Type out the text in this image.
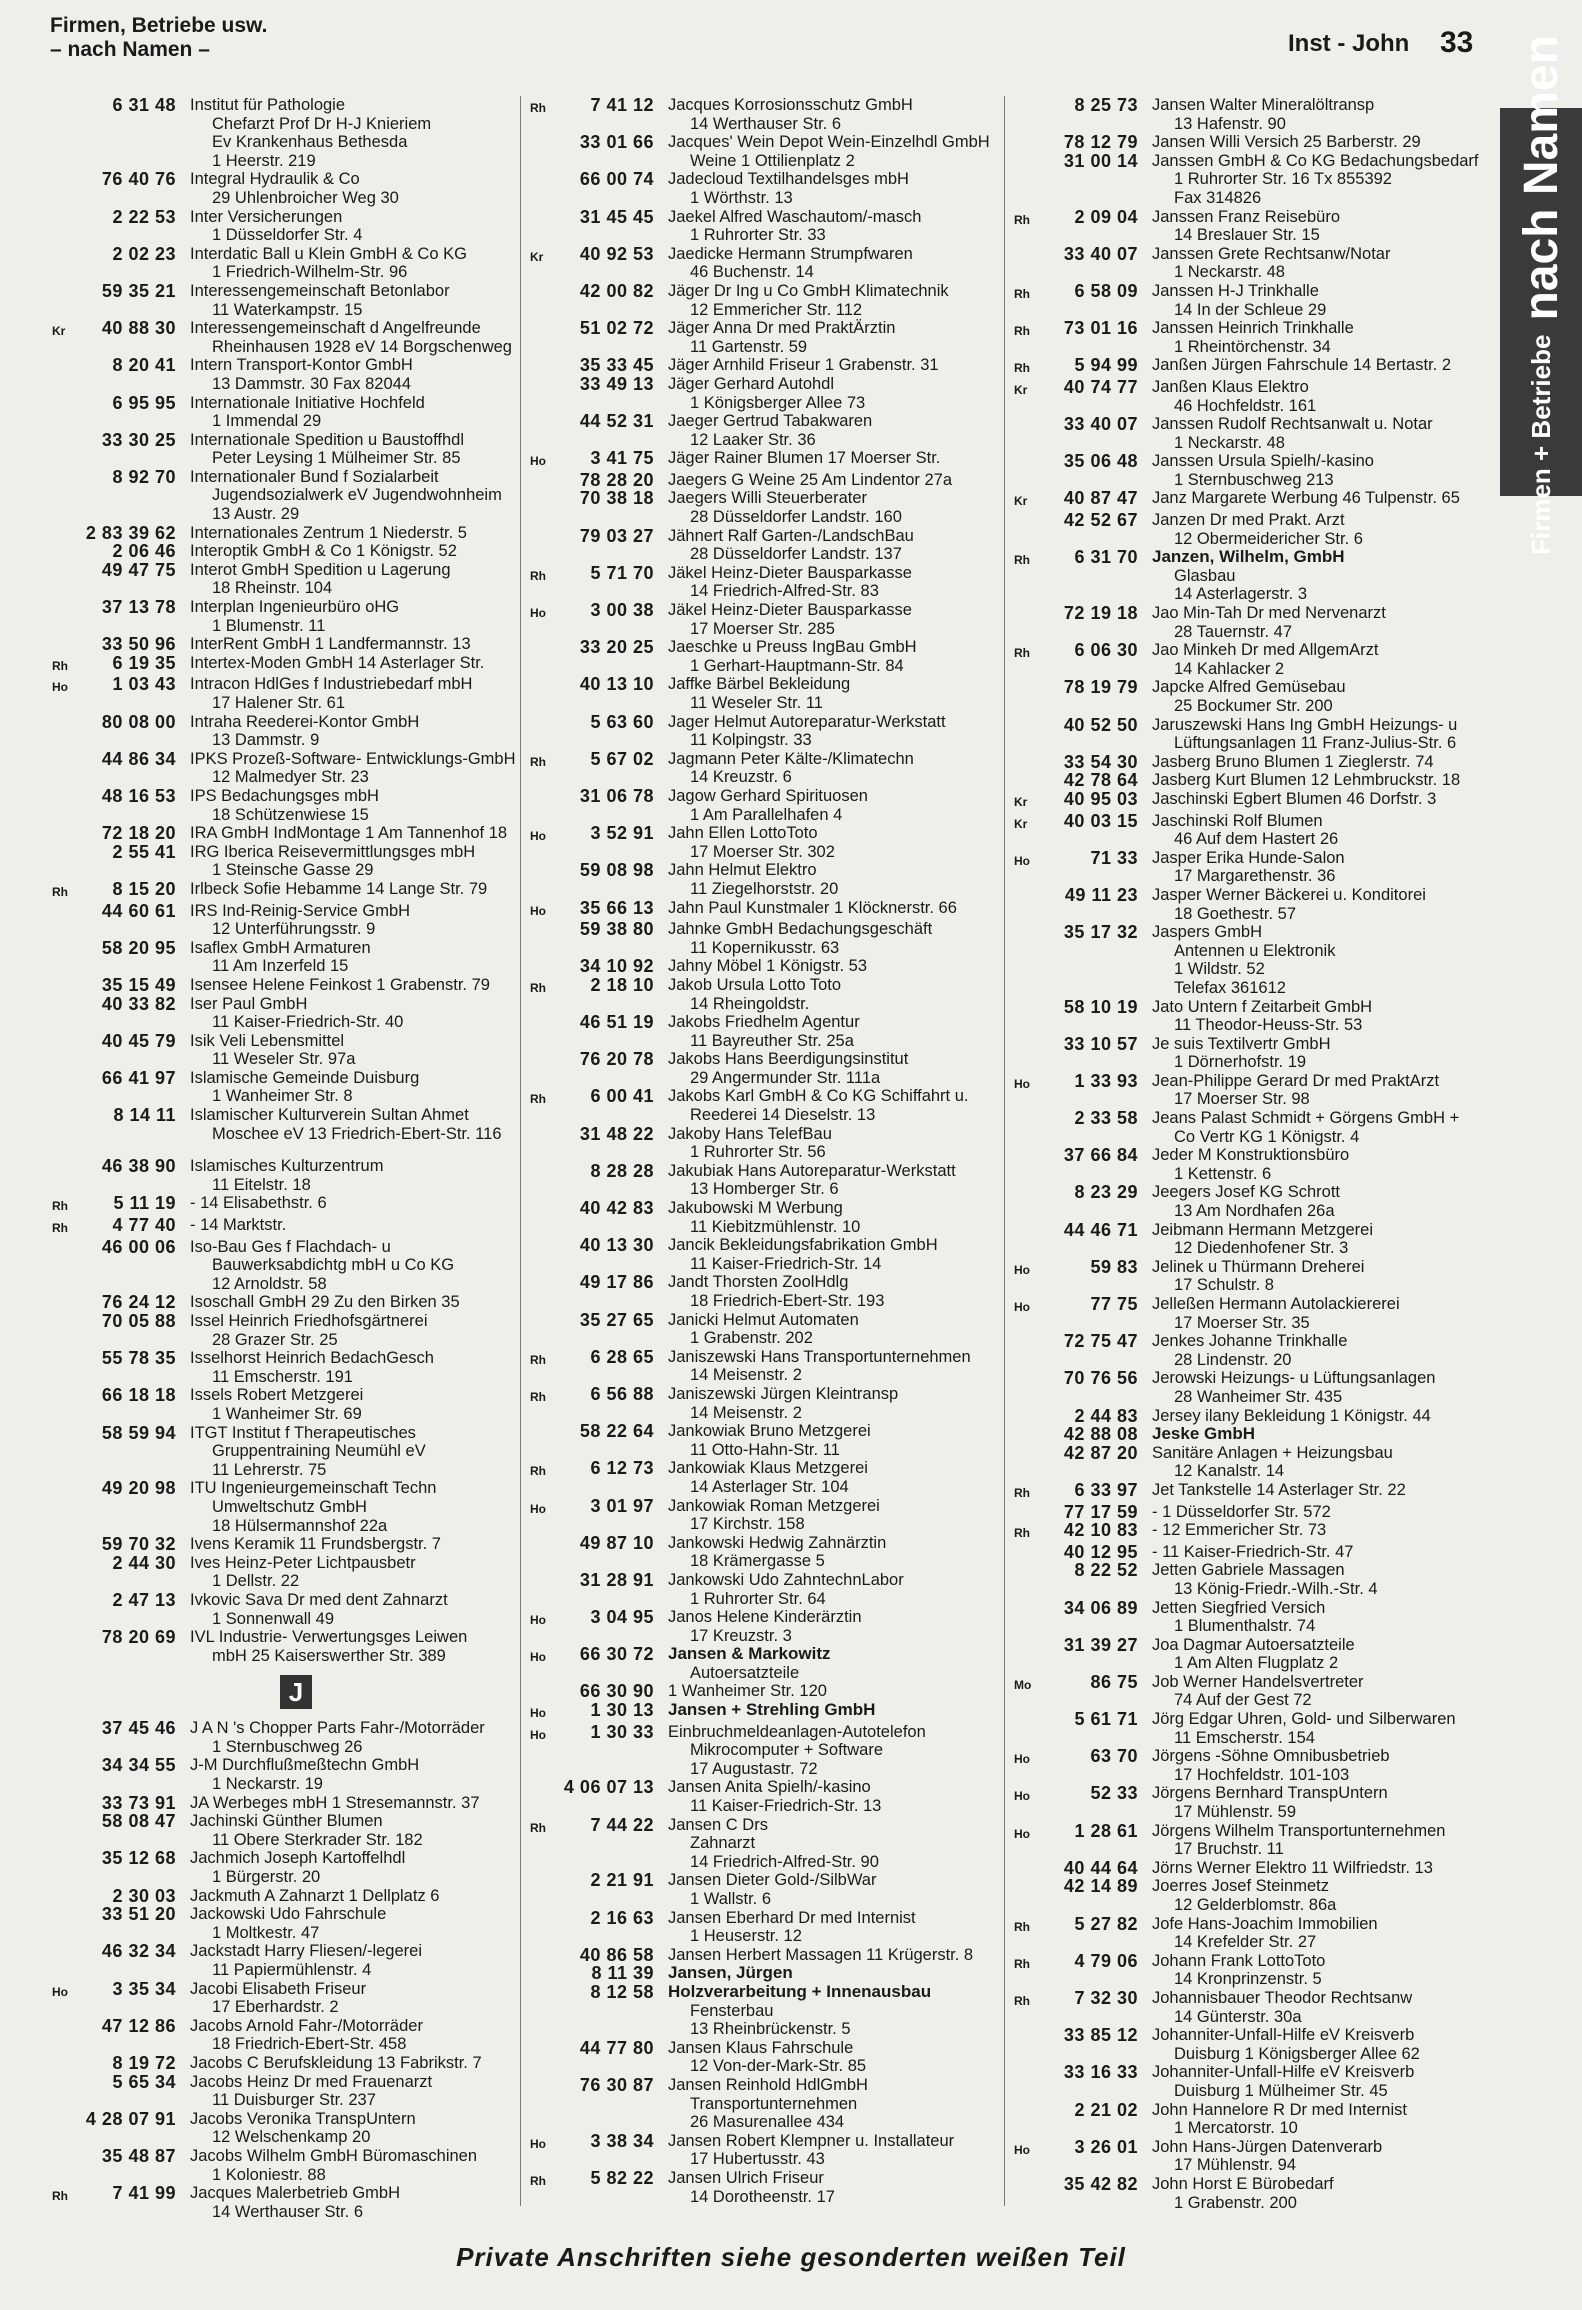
Firmen, Betriebe usw.
– nach Namen –	Inst - John 33
Firmen + Betriebe
nach Namen
6 31 48 Institut für Pathologie
Chefarzt Prof Dr H-J Knieriem
Ev Krankenhaus Bethesda
1 Heerstr. 219
76 40 76 Integral Hydraulik & Co
29 Uhlenbroicher Weg 30
2 22 53 Inter Versicherungen
1 Düsseldorfer Str. 4
2 02 23 Interdatic Ball u Klein GmbH & Co KG
1 Friedrich-Wilhelm-Str. 96
59 35 21 Interessengemeinschaft Betonlabor
11 Waterkampstr. 15
Kr	40 88 30 Interessengemeinschaft d Angelfreunde
Rheinhausen 1928 eV 14 Borgschenweg
8 20 41 Intern Transport-Kontor GmbH
13 Dammstr. 30 Fax 82044
6 95 95 Internationale Initiative Hochfeld
1 Immendal 29
33 30 25 Internationale Spedition u Baustoffhdl
Peter Leysing 1 Mülheimer Str. 85
8 92 70 Internationaler Bund f Sozialarbeit
Jugendsozialwerk eV Jugendwohnheim
13 Austr. 29
2 83 39 62 Internationales Zentrum 1 Niederstr. 5
2 06 46 Interoptik GmbH & Co 1 Königstr. 52
49 47 75 Interot GmbH Spedition u Lagerung
18 Rheinstr. 104
37 13 78 Interplan Ingenieurbüro oHG
1 Blumenstr. 11
33 50 96 InterRent GmbH 1 Landfermannstr. 13
Rh	6 19 35 Intertex-Moden GmbH 14 Asterlager Str.
Ho	1 03 43 Intracon HdlGes f Industriebedarf mbH
17 Halener Str. 61
80 08 00 Intraha Reederei-Kontor GmbH
13 Dammstr. 9
44 86 34 IPKS Prozeß-Software- Entwicklungs-GmbH
12 Malmedyer Str. 23
48 16 53 IPS Bedachungsges mbH
18 Schützenwiese 15
72 18 20 IRA GmbH IndMontage 1 Am Tannenhof 18
2 55 41 IRG Iberica Reisevermittlungsges mbH
1 Steinsche Gasse 29
Rh	8 15 20 Irlbeck Sofie Hebamme 14 Lange Str. 79
44 60 61 IRS Ind-Reinig-Service GmbH
12 Unterführungsstr. 9
58 20 95 Isaflex GmbH Armaturen
11 Am Inzerfeld 15
35 15 49 Isensee Helene Feinkost 1 Grabenstr. 79
40 33 82 Iser Paul GmbH
11 Kaiser-Friedrich-Str. 40
40 45 79 Isik Veli Lebensmittel
11 Weseler Str. 97a
66 41 97 Islamische Gemeinde Duisburg
1 Wanheimer Str. 8
8 14 11 Islamischer Kulturverein Sultan Ahmet
Moschee eV 13 Friedrich-Ebert-Str. 116
46 38 90 Islamisches Kulturzentrum
11 Eitelstr. 18
Rh	5 11 19 - 14 Elisabethstr. 6
Rh	4 77 40 - 14 Marktstr.
46 00 06 Iso-Bau Ges f Flachdach- u
Bauwerksabdichtg mbH u Co KG
12 Arnoldstr. 58
76 24 12 Isoschall GmbH 29 Zu den Birken 35
70 05 88 Issel Heinrich Friedhofsgärtnerei
28 Grazer Str. 25
55 78 35 Isselhorst Heinrich BedachGesch
11 Emscherstr. 191
66 18 18 Issels Robert Metzgerei
1 Wanheimer Str. 69
58 59 94 ITGT Institut f Therapeutisches
Gruppentraining Neumühl eV
11 Lehrerstr. 75
49 20 98 ITU Ingenieurgemeinschaft Techn
Umweltschutz GmbH
18 Hülsermannshof 22a
59 70 32 Ivens Keramik 11 Frundsbergstr. 7
2 44 30 Ives Heinz-Peter Lichtpausbetr
1 Dellstr. 22
2 47 13 Ivkovic Sava Dr med dent Zahnarzt
1 Sonnenwall 49
78 20 69 IVL Industrie- Verwertungsges Leiwen
mbH 25 Kaiserswerther Str. 389
J
37 45 46 J A N 's Chopper Parts Fahr-/Motorräder
1 Sternbuschweg 26
34 34 55 J-M Durchflußmeßtechn GmbH
1 Neckarstr. 19
33 73 91 JA Werbeges mbH 1 Stresemannstr. 37
58 08 47 Jachinski Günther Blumen
11 Obere Sterkrader Str. 182
35 12 68 Jachmich Joseph Kartoffelhdl
1 Bürgerstr. 20
2 30 03 Jackmuth A Zahnarzt 1 Dellplatz 6
33 51 20 Jackowski Udo Fahrschule
1 Moltkestr. 47
46 32 34 Jackstadt Harry Fliesen/-legerei
11 Papiermühlenstr. 4
Ho	3 35 34 Jacobi Elisabeth Friseur
17 Eberhardstr. 2
47 12 86 Jacobs Arnold Fahr-/Motorräder
18 Friedrich-Ebert-Str. 458
8 19 72 Jacobs C Berufskleidung 13 Fabrikstr. 7
5 65 34 Jacobs Heinz Dr med Frauenarzt
11 Duisburger Str. 237
4 28 07 91 Jacobs Veronika TranspUntern
12 Welschenkamp 20
35 48 87 Jacobs Wilhelm GmbH Büromaschinen
1 Koloniestr. 88
Rh	7 41 99 Jacques Malerbetrieb GmbH
14 Werthauser Str. 6
Rh	7 41 12 Jacques Korrosionsschutz GmbH
14 Werthauser Str. 6
33 01 66 Jacques' Wein Depot Wein-Einzelhdl GmbH
Weine 1 Ottilienplatz 2
66 00 74 Jadecloud Textilhandelsges mbH
1 Wörthstr. 13
31 45 45 Jaekel Alfred Waschautom/-masch
1 Ruhrorter Str. 33
Kr	40 92 53 Jaedicke Hermann Strumpfwaren
46 Buchenstr. 14
42 00 82 Jäger Dr Ing u Co GmbH Klimatechnik
12 Emmericher Str. 112
51 02 72 Jäger Anna Dr med PraktÄrztin
11 Gartenstr. 59
35 33 45 Jäger Arnhild Friseur 1 Grabenstr. 31
33 49 13 Jäger Gerhard Autohdl
1 Königsberger Allee 73
44 52 31 Jaeger Gertrud Tabakwaren
12 Laaker Str. 36
Ho	3 41 75 Jäger Rainer Blumen 17 Moerser Str.
78 28 20 Jaegers G Weine 25 Am Lindentor 27a
70 38 18 Jaegers Willi Steuerberater
28 Düsseldorfer Landstr. 160
79 03 27 Jähnert Ralf Garten-/LandschBau
28 Düsseldorfer Landstr. 137
Rh	5 71 70 Jäkel Heinz-Dieter Bausparkasse
14 Friedrich-Alfred-Str. 83
Ho	3 00 38 Jäkel Heinz-Dieter Bausparkasse
17 Moerser Str. 285
33 20 25 Jaeschke u Preuss IngBau GmbH
1 Gerhart-Hauptmann-Str. 84
40 13 10 Jaffke Bärbel Bekleidung
11 Weseler Str. 11
5 63 60 Jager Helmut Autoreparatur-Werkstatt
11 Kolpingstr. 33
Rh	5 67 02 Jagmann Peter Kälte-/Klimatechn
14 Kreuzstr. 6
31 06 78 Jagow Gerhard Spirituosen
1 Am Parallelhafen 4
Ho	3 52 91 Jahn Ellen LottoToto
17 Moerser Str. 302
59 08 98 Jahn Helmut Elektro
11 Ziegelhorststr. 20
Ho	35 66 13 Jahn Paul Kunstmaler 1 Klöcknerstr. 66
59 38 80 Jahnke GmbH Bedachungsgeschäft
11 Kopernikusstr. 63
34 10 92 Jahny Möbel 1 Königstr. 53
Rh	2 18 10 Jakob Ursula Lotto Toto
14 Rheingoldstr.
46 51 19 Jakobs Friedhelm Agentur
11 Bayreuther Str. 25a
76 20 78 Jakobs Hans Beerdigungsinstitut
29 Angermunder Str. 111a
Rh	6 00 41 Jakobs Karl GmbH & Co KG Schiffahrt u.
Reederei 14 Dieselstr. 13
31 48 22 Jakoby Hans TelefBau
1 Ruhrorter Str. 56
8 28 28 Jakubiak Hans Autoreparatur-Werkstatt
13 Homberger Str. 6
40 42 83 Jakubowski M Werbung
11 Kiebitzmühlenstr. 10
40 13 30 Jancik Bekleidungsfabrikation GmbH
11 Kaiser-Friedrich-Str. 14
49 17 86 Jandt Thorsten ZoolHdlg
18 Friedrich-Ebert-Str. 193
35 27 65 Janicki Helmut Automaten
1 Grabenstr. 202
Rh	6 28 65 Janiszewski Hans Transportunternehmen
14 Meisenstr. 2
Rh	6 56 88 Janiszewski Jürgen Kleintransp
14 Meisenstr. 2
58 22 64 Jankowiak Bruno Metzgerei
11 Otto-Hahn-Str. 11
Rh	6 12 73 Jankowiak Klaus Metzgerei
14 Asterlager Str. 104
Ho	3 01 97 Jankowiak Roman Metzgerei
17 Kirchstr. 158
49 87 10 Jankowski Hedwig Zahnärztin
18 Krämergasse 5
31 28 91 Jankowski Udo ZahntechnLabor
1 Ruhrorter Str. 64
Ho	3 04 95 Janos Helene Kinderärztin
17 Kreuzstr. 3
Ho	66 30 72 Jansen & Markowitz
Autoersatzteile
66 30 90 1 Wanheimer Str. 120
Ho	1 30 13 Jansen + Strehling GmbH
Ho	1 30 33 Einbruchmeldeanlagen-Autotelefon
Mikrocomputer + Software
17 Augustastr. 72
4 06 07 13 Jansen Anita Spielh/-kasino
11 Kaiser-Friedrich-Str. 13
Rh	7 44 22 Jansen C Drs
Zahnarzt
14 Friedrich-Alfred-Str. 90
2 21 91 Jansen Dieter Gold-/SilbWar
1 Wallstr. 6
2 16 63 Jansen Eberhard Dr med Internist
1 Heuserstr. 12
40 86 58 Jansen Herbert Massagen 11 Krügerstr. 8
8 11 39 Jansen, Jürgen
8 12 58 Holzverarbeitung + Innenausbau
Fensterbau
13 Rheinbrückenstr. 5
44 77 80 Jansen Klaus Fahrschule
12 Von-der-Mark-Str. 85
76 30 87 Jansen Reinhold HdlGmbH
Transportunternehmen
26 Masurenallee 434
Ho	3 38 34 Jansen Robert Klempner u. Installateur
17 Hubertusstr. 43
Rh	5 82 22 Jansen Ulrich Friseur
14 Dorotheenstr. 17
8 25 73 Jansen Walter Mineralöltransp
13 Hafenstr. 90
78 12 79 Jansen Willi Versich 25 Barberstr. 29
31 00 14 Janssen GmbH & Co KG Bedachungsbedarf
1 Ruhrorter Str. 16 Tx 855392
Fax 314826
Rh	2 09 04 Janssen Franz Reisebüro
14 Breslauer Str. 15
33 40 07 Janssen Grete Rechtsanw/Notar
1 Neckarstr. 48
Rh	6 58 09 Janssen H-J Trinkhalle
14 In der Schleue 29
Rh	73 01 16 Janssen Heinrich Trinkhalle
1 Rheintörchenstr. 34
Rh	5 94 99 Janßen Jürgen Fahrschule 14 Bertastr. 2
Kr	40 74 77 Janßen Klaus Elektro
46 Hochfeldstr. 161
33 40 07 Janssen Rudolf Rechtsanwalt u. Notar
1 Neckarstr. 48
35 06 48 Janssen Ursula Spielh/-kasino
1 Sternbuschweg 213
Kr	40 87 47 Janz Margarete Werbung 46 Tulpenstr. 65
42 52 67 Janzen Dr med Prakt. Arzt
12 Obermeidericher Str. 6
Rh	6 31 70 Janzen, Wilhelm, GmbH
Glasbau
14 Asterlagerstr. 3
72 19 18 Jao Min-Tah Dr med Nervenarzt
28 Tauernstr. 47
Rh	6 06 30 Jao Minkeh Dr med AllgemArzt
14 Kahlacker 2
78 19 79 Japcke Alfred Gemüsebau
25 Bockumer Str. 200
40 52 50 Jaruszewski Hans Ing GmbH Heizungs- u
Lüftungsanlagen 11 Franz-Julius-Str. 6
33 54 30 Jasberg Bruno Blumen 1 Zieglerstr. 74
42 78 64 Jasberg Kurt Blumen 12 Lehmbruckstr. 18
Kr	40 95 03 Jaschinski Egbert Blumen 46 Dorfstr. 3
Kr	40 03 15 Jaschinski Rolf Blumen
46 Auf dem Hastert 26
Ho	71 33 Jasper Erika Hunde-Salon
17 Margarethenstr. 36
49 11 23 Jasper Werner Bäckerei u. Konditorei
18 Goethestr. 57
35 17 32 Jaspers GmbH
Antennen u Elektronik
1 Wildstr. 52
Telefax 361612
58 10 19 Jato Untern f Zeitarbeit GmbH
11 Theodor-Heuss-Str. 53
33 10 57 Je suis Textilvertr GmbH
1 Dörnerhofstr. 19
Ho	1 33 93 Jean-Philippe Gerard Dr med PraktArzt
17 Moerser Str. 98
2 33 58 Jeans Palast Schmidt + Görgens GmbH +
Co Vertr KG 1 Königstr. 4
37 66 84 Jeder M Konstruktionsbüro
1 Kettenstr. 6
8 23 29 Jeegers Josef KG Schrott
13 Am Nordhafen 26a
44 46 71 Jeibmann Hermann Metzgerei
12 Diedenhofener Str. 3
Ho	59 83 Jelinek u Thürmann Dreherei
17 Schulstr. 8
Ho	77 75 Jelleßen Hermann Autolackiererei
17 Moerser Str. 35
72 75 47 Jenkes Johanne Trinkhalle
28 Lindenstr. 20
70 76 56 Jerowski Heizungs- u Lüftungsanlagen
28 Wanheimer Str. 435
2 44 83 Jersey ilany Bekleidung 1 Königstr. 44
42 88 08 Jeske GmbH
42 87 20 Sanitäre Anlagen + Heizungsbau
12 Kanalstr. 14
Rh	6 33 97 Jet Tankstelle 14 Asterlager Str. 22
77 17 59 - 1 Düsseldorfer Str. 572
Rh	42 10 83 - 12 Emmericher Str. 73
40 12 95 - 11 Kaiser-Friedrich-Str. 47
8 22 52 Jetten Gabriele Massagen
13 König-Friedr.-Wilh.-Str. 4
34 06 89 Jetten Siegfried Versich
1 Blumenthalstr. 74
31 39 27 Joa Dagmar Autoersatzteile
1 Am Alten Flugplatz 2
Mo	86 75 Job Werner Handelsvertreter
74 Auf der Gest 72
5 61 71 Jörg Edgar Uhren, Gold- und Silberwaren
11 Emscherstr. 154
Ho	63 70 Jörgens -Söhne Omnibusbetrieb
17 Hochfeldstr. 101-103
Ho	52 33 Jörgens Bernhard TranspUntern
17 Mühlenstr. 59
Ho	1 28 61 Jörgens Wilhelm Transportunternehmen
17 Bruchstr. 11
40 44 64 Jörns Werner Elektro 11 Wilfriedstr. 13
42 14 89 Joerres Josef Steinmetz
12 Gelderblomstr. 86a
Rh	5 27 82 Jofe Hans-Joachim Immobilien
14 Krefelder Str. 27
Rh	4 79 06 Johann Frank LottoToto
14 Kronprinzenstr. 5
Rh	7 32 30 Johannisbauer Theodor Rechtsanw
14 Günterstr. 30a
33 85 12 Johanniter-Unfall-Hilfe eV Kreisverb
Duisburg 1 Königsberger Allee 62
33 16 33 Johanniter-Unfall-Hilfe eV Kreisverb
Duisburg 1 Mülheimer Str. 45
2 21 02 John Hannelore R Dr med Internist
1 Mercatorstr. 10
Ho	3 26 01 John Hans-Jürgen Datenverarb
17 Mühlenstr. 94
35 42 82 John Horst E Bürobedarf
1 Grabenstr. 200
Private Anschriften siehe gesonderten weißen Teil
